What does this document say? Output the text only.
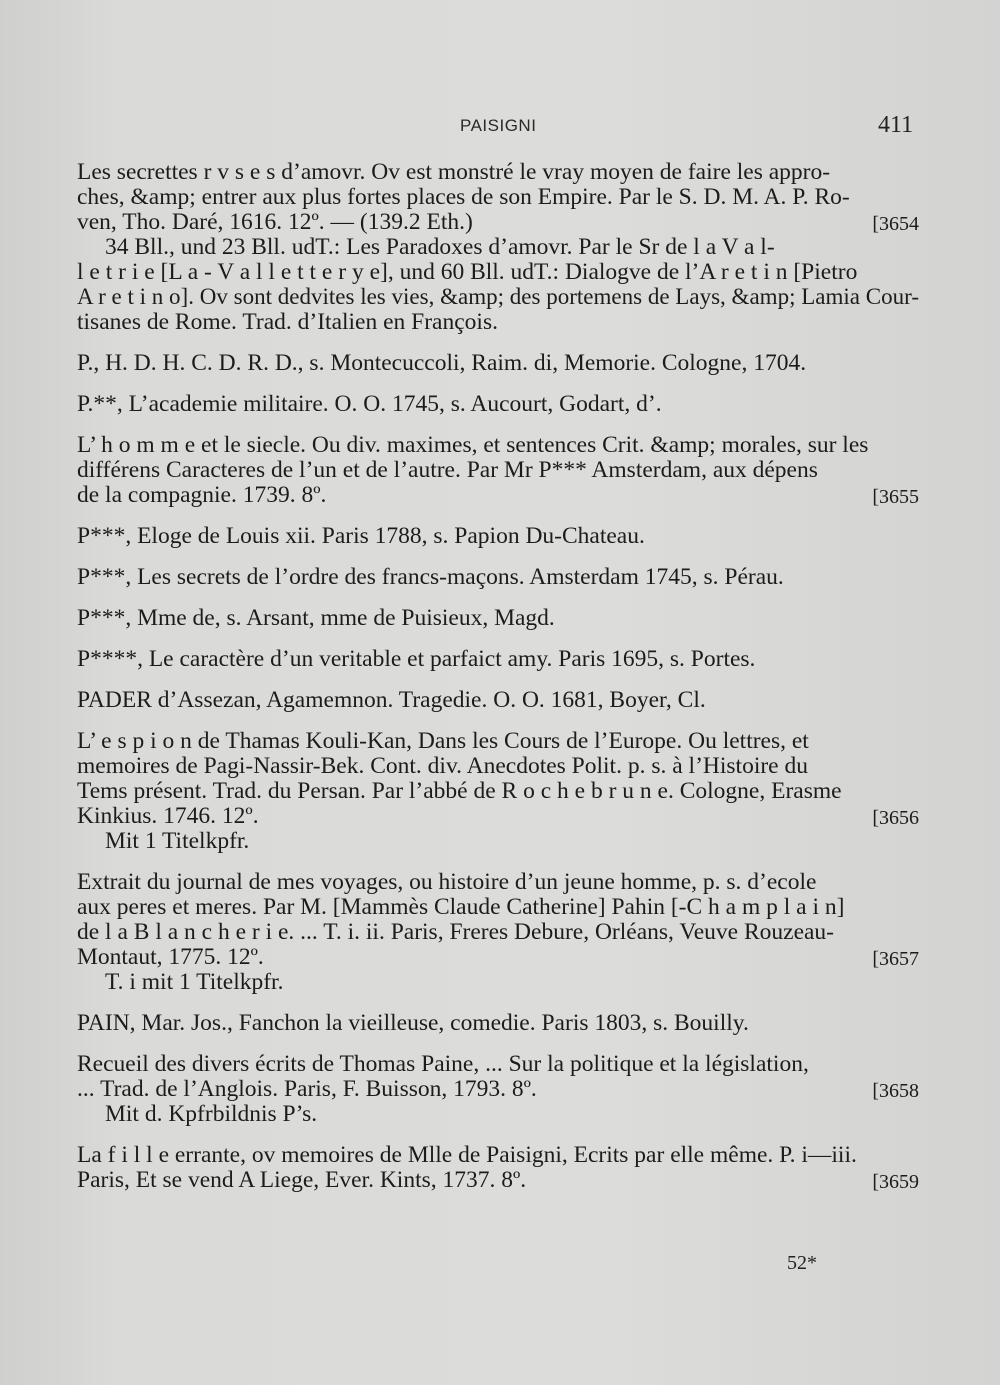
PAISIGNI	411
Les secrettes r v s e s d’amovr. Ov est monstré le vray moyen de faire les appro-
ches, &amp; entrer aux plus fortes places de son Empire. Par le S. D. M. A. P. Ro-
ven, Tho. Daré, 1616. 12º. — (139.2 Eth.)	[3654
34 Bll., und 23 Bll. udT.: Les Paradoxes d’amovr. Par le Sr de l a V a l-
l e t r i e [L a - V a l l e t t e r y e], und 60 Bll. udT.: Dialogve de l’A r e t i n [Pietro
A r e t i n o]. Ov sont dedvites les vies, &amp; des portemens de Lays, &amp; Lamia Cour-
tisanes de Rome. Trad. d’Italien en François.
P., H. D. H. C. D. R. D., s. Montecuccoli, Raim. di, Memorie. Cologne, 1704.
P.**, L’academie militaire. O. O. 1745, s. Aucourt, Godart, d’.
L’ h o m m e et le siecle. Ou div. maximes, et sentences Crit. &amp; morales, sur les
différens Caracteres de l’un et de l’autre. Par Mr P*** Amsterdam, aux dépens
de la compagnie. 1739. 8º.	[3655
P***, Eloge de Louis xii. Paris 1788, s. Papion Du-Chateau.
P***, Les secrets de l’ordre des francs-maçons. Amsterdam 1745, s. Pérau.
P***, Mme de, s. Arsant, mme de Puisieux, Magd.
P****, Le caractère d’un veritable et parfaict amy. Paris 1695, s. Portes.
PADER d’Assezan, Agamemnon. Tragedie. O. O. 1681, Boyer, Cl.
L’ e s p i o n de Thamas Kouli-Kan, Dans les Cours de l’Europe. Ou lettres, et
memoires de Pagi-Nassir-Bek. Cont. div. Anecdotes Polit. p. s. à l’Histoire du
Tems présent. Trad. du Persan. Par l’abbé de R o c h e b r u n e. Cologne, Erasme
Kinkius. 1746. 12º.	[3656
Mit 1 Titelkpfr.
Extrait du journal de mes voyages, ou histoire d’un jeune homme, p. s. d’ecole
aux peres et meres. Par M. [Mammès Claude Catherine] Pahin [-C h a m p l a i n]
de l a B l a n c h e r i e. ... T. i. ii. Paris, Freres Debure, Orléans, Veuve Rouzeau-
Montaut, 1775. 12º.	[3657
T. i mit 1 Titelkpfr.
PAIN, Mar. Jos., Fanchon la vieilleuse, comedie. Paris 1803, s. Bouilly.
Recueil des divers écrits de Thomas Paine, ... Sur la politique et la législation,
... Trad. de l’Anglois. Paris, F. Buisson, 1793. 8º.	[3658
Mit d. Kpfrbildnis P’s.
La f i l l e errante, ov memoires de Mlle de Paisigni, Ecrits par elle même. P. i—iii.
Paris, Et se vend A Liege, Ever. Kints, 1737. 8º.	[3659
52*
